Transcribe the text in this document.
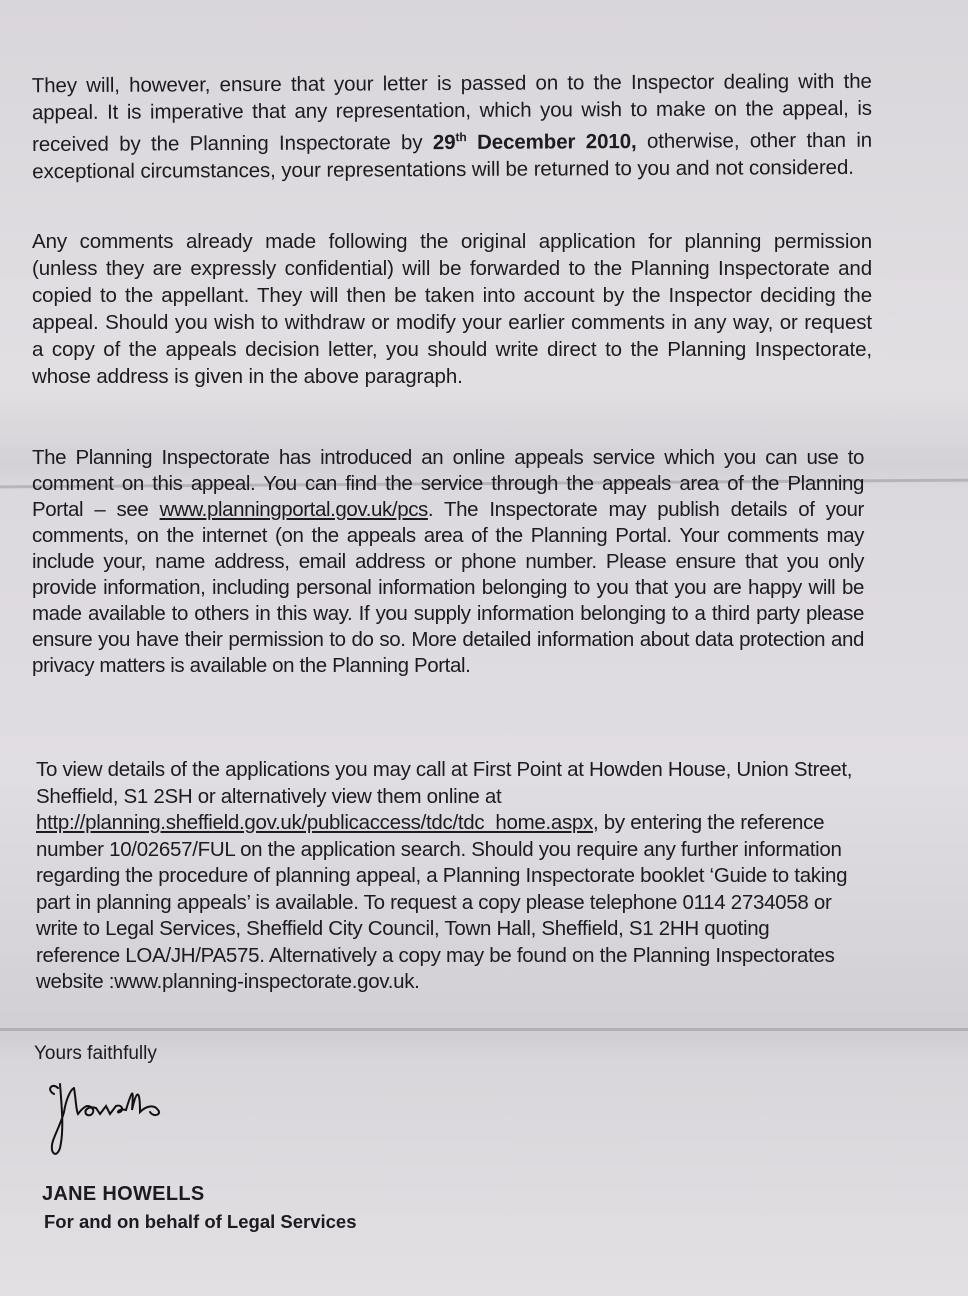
They will, however, ensure that your letter is passed on to the Inspector dealing with the appeal. It is imperative that any representation, which you wish to make on the appeal, is received by the Planning Inspectorate by 29th December 2010, otherwise, other than in exceptional circumstances, your representations will be returned to you and not considered.
Any comments already made following the original application for planning permission (unless they are expressly confidential) will be forwarded to the Planning Inspectorate and copied to the appellant. They will then be taken into account by the Inspector deciding the appeal. Should you wish to withdraw or modify your earlier comments in any way, or request a copy of the appeals decision letter, you should write direct to the Planning Inspectorate, whose address is given in the above paragraph.
The Planning Inspectorate has introduced an online appeals service which you can use to comment on this appeal. You can find the service through the appeals area of the Planning Portal – see www.planningportal.gov.uk/pcs. The Inspectorate may publish details of your comments, on the internet (on the appeals area of the Planning Portal. Your comments may include your, name address, email address or phone number. Please ensure that you only provide information, including personal information belonging to you that you are happy will be made available to others in this way. If you supply information belonging to a third party please ensure you have their permission to do so. More detailed information about data protection and privacy matters is available on the Planning Portal.
To view details of the applications you may call at First Point at Howden House, Union Street, Sheffield, S1 2SH or alternatively view them online at http://planning.sheffield.gov.uk/publicaccess/tdc/tdc_home.aspx, by entering the reference number 10/02657/FUL on the application search. Should you require any further information regarding the procedure of planning appeal, a Planning Inspectorate booklet ‘Guide to taking part in planning appeals’ is available. To request a copy please telephone 0114 2734058 or write to Legal Services, Sheffield City Council, Town Hall, Sheffield, S1 2HH quoting reference LOA/JH/PA575. Alternatively a copy may be found on the Planning Inspectorates website :www.planning-inspectorate.gov.uk.
Yours faithfully
JANE HOWELLS
For and on behalf of Legal Services
